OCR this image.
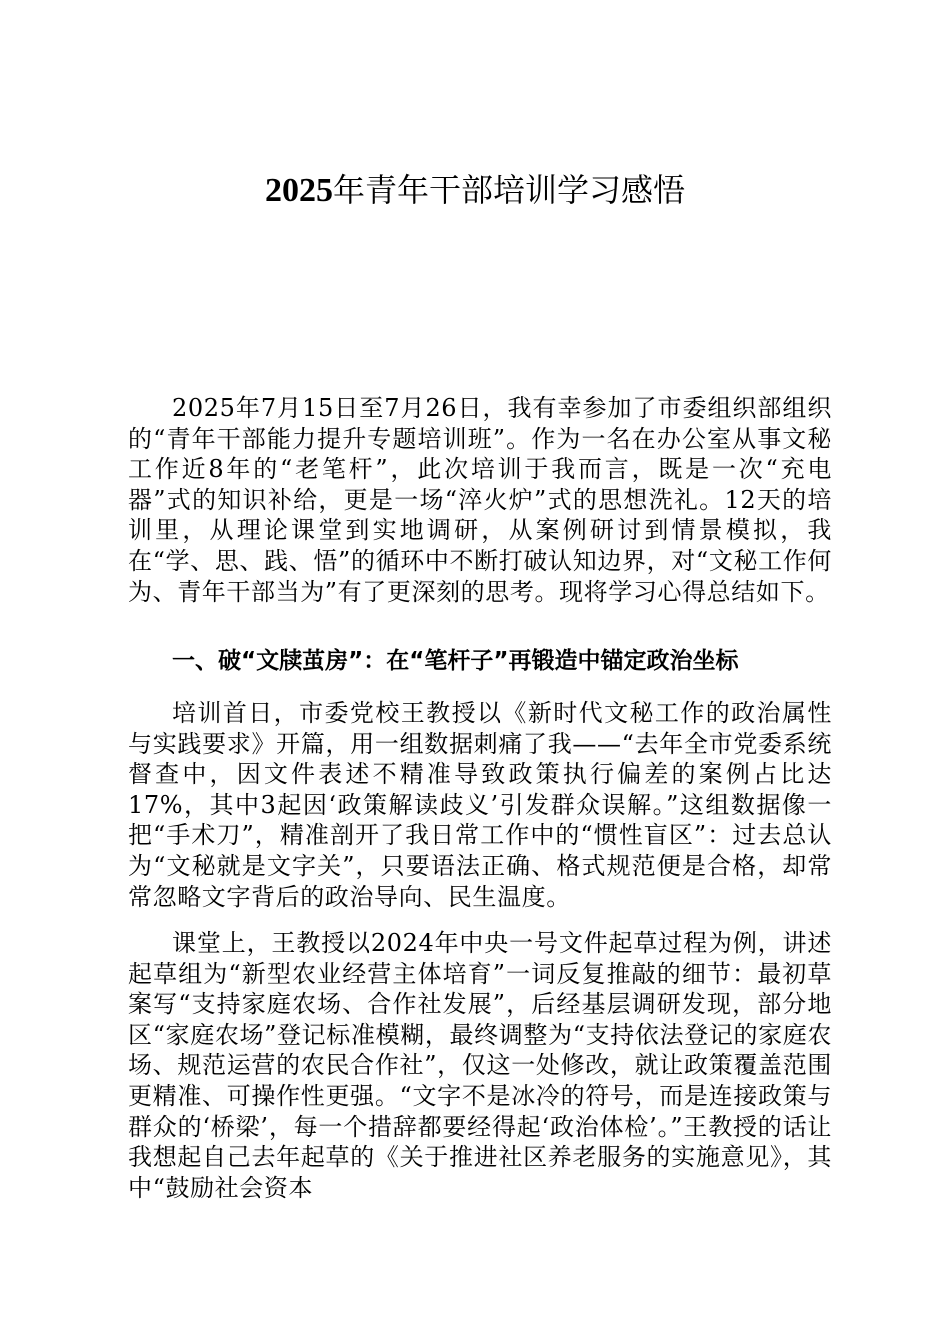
2025年青年干部培训学习感悟

2025年7月15日至7月26日，我有幸参加了市委组织部组织的“青年干部能力提升专题培训班”。作为一名在办公室从事文秘工作近8年的“老笔杆”，此次培训于我而言，既是一次“充电器”式的知识补给，更是一场“淬火炉”式的思想洗礼。12天的培训里，从理论课堂到实地调研，从案例研讨到情景模拟，我在“学、思、践、悟”的循环中不断打破认知边界，对“文秘工作何为、青年干部当为”有了更深刻的思考。现将学习心得总结如下。

一、破“文牍茧房”：在“笔杆子”再锻造中锚定政治坐标

培训首日，市委党校王教授以《新时代文秘工作的政治属性与实践要求》开篇，用一组数据刺痛了我——“去年全市党委系统督查中，因文件表述不精准导致政策执行偏差的案例占比达17%，其中3起因‘政策解读歧义’引发群众误解。”这组数据像一把“手术刀”，精准剖开了我日常工作中的“惯性盲区”：过去总认为“文秘就是文字关”，只要语法正确、格式规范便是合格，却常常忽略文字背后的政治导向、民生温度。

课堂上，王教授以2024年中央一号文件起草过程为例，讲述起草组为“新型农业经营主体培育”一词反复推敲的细节：最初草案写“支持家庭农场、合作社发展”，后经基层调研发现，部分地区“家庭农场”登记标准模糊，最终调整为“支持依法登记的家庭农场、规范运营的农民合作社”，仅这一处修改，就让政策覆盖范围更精准、可操作性更强。“文字不是冰冷的符号，而是连接政策与群众的‘桥梁’，每一个措辞都要经得起‘政治体检’。”王教授的话让我想起自己去年起草的《关于推进社区养老服务的实施意见》，其中“鼓励社会资本
